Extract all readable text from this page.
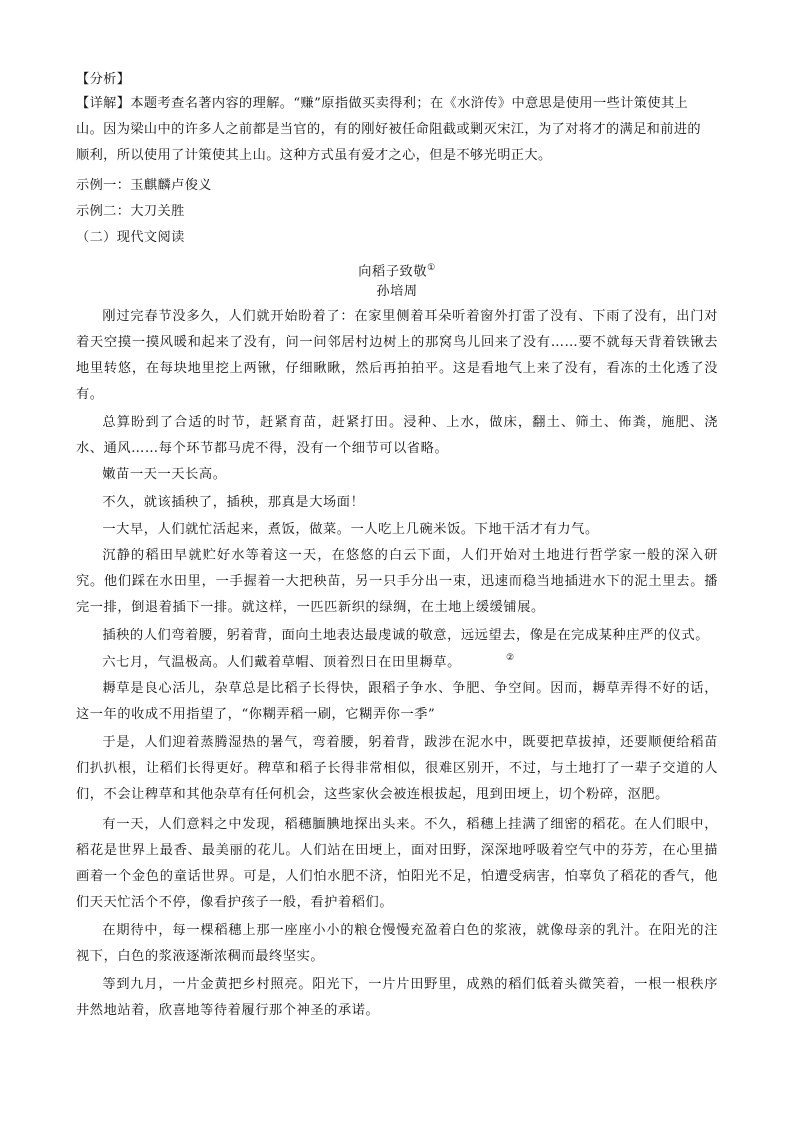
【分析】
【详解】本题考查名著内容的理解。“赚”原指做买卖得利；在《水浒传》中意思是使用一些计策使其上
山。因为梁山中的许多人之前都是当官的，有的刚好被任命阻截或剿灭宋江，为了对将才的满足和前进的
顺利，所以使用了计策使其上山。这种方式虽有爱才之心，但是不够光明正大。
示例一：玉麒麟卢俊义
示例二：大刀关胜
（二）现代文阅读
向稻子致敬①
孙培周
刚过完春节没多久，人们就开始盼着了：在家里侧着耳朵听着窗外打雷了没有、下雨了没有，出门对着天空摸一摸风暖和起来了没有，问一问邻居村边树上的那窝鸟儿回来了没有……要不就每天背着铁锹去地里转悠，在每块地里挖上两锹，仔细瞅瞅，然后再拍拍平。这是看地气上来了没有，看冻的土化透了没有。
总算盼到了合适的时节，赶紧育苗，赶紧打田。浸种、上水，做床，翻土、筛土、佈粪，施肥、浇水、通风……每个环节都马虎不得，没有一个细节可以省略。
嫩苗一天一天长高。
不久，就该插秧了，插秧，那真是大场面！
一大早，人们就忙活起来，煮饭，做菜。一人吃上几碗米饭。下地干活才有力气。
沉静的稻田早就贮好水等着这一天，在悠悠的白云下面，人们开始对土地进行哲学家一般的深入研究。他们踩在水田里，一手握着一大把秧苗，另一只手分出一束，迅速而稳当地插进水下的泥土里去。播完一排，倒退着插下一排。就这样，一匹匹新织的绿绸，在土地上缓缓铺展。
插秧的人们弯着腰，躬着背，面向土地表达最虔诚的敬意，远远望去，像是在完成某种庄严的仪式。
六七月，气温极高。人们戴着草帽、顶着烈日在田里耨草。
耨草是良心活儿，杂草总是比稻子长得快，跟稻子争水、争肥、争空间。因而，耨草弄得不好的话，这一年的收成不用指望了，“你糊弄稻一刷，它糊弄你一季”
于是，人们迎着蒸腾湿热的暑气，弯着腰，躬着背，跋涉在泥水中，既要把草拔掉，还要顺便给稻苗们扒扒根，让稻们长得更好。稗草和稻子长得非常相似，很难区别开，不过，与土地打了一辈子交道的人们，不会让稗草和其他杂草有任何机会，这些家伙会被连根拔起，甩到田埂上，切个粉碎，沤肥。
有一天，人们意料之中发现，稻穗腼腆地探出头来。不久，稻穗上挂满了细密的稻花。在人们眼中，稻花是世界上最香、最美丽的花儿。人们站在田埂上，面对田野，深深地呼吸着空气中的芬芳，在心里描画着一个金色的童话世界。可是，人们怕水肥不济，怕阳光不足，怕遭受病害，怕辜负了稻花的香气，他们天天忙活个不停，像看护孩子一般，看护着稻们。
在期待中，每一棵稻穗上那一座座小小的粮仓慢慢充盈着白色的浆液，就像母亲的乳汁。在阳光的注视下，白色的浆液逐渐浓稠而最终坚实。
等到九月，一片金黄把乡村照亮。阳光下，一片片田野里，成熟的稻们低着头微笑着，一根一根秩序井然地站着，欣喜地等待着履行那个神圣的承诺。
②
